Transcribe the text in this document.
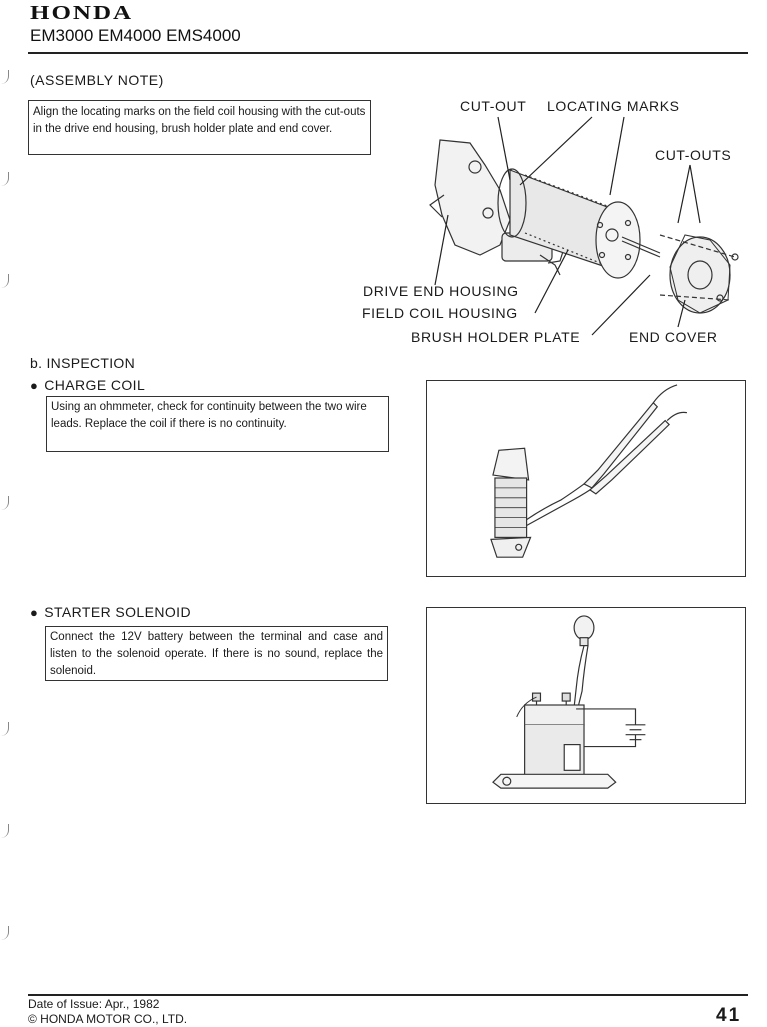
HONDA
EM3000 EM4000 EMS4000
(ASSEMBLY NOTE)
Align the locating marks on the field coil housing with the cut-outs in the drive end housing, brush holder plate and end cover.
CUT-OUT LOCATING MARKS
CUT-OUTS
DRIVE END HOUSING
FIELD COIL HOUSING
BRUSH HOLDER PLATE	END COVER
b. INSPECTION
● CHARGE COIL
Using an ohmmeter, check for continuity between the two wire leads. Replace the coil if there is no continuity.
● STARTER SOLENOID
Connect the 12V battery between the terminal and case and listen to the solenoid operate. If there is no sound, replace the solenoid.
Date of Issue: Apr., 1982
© HONDA MOTOR CO., LTD.	41
